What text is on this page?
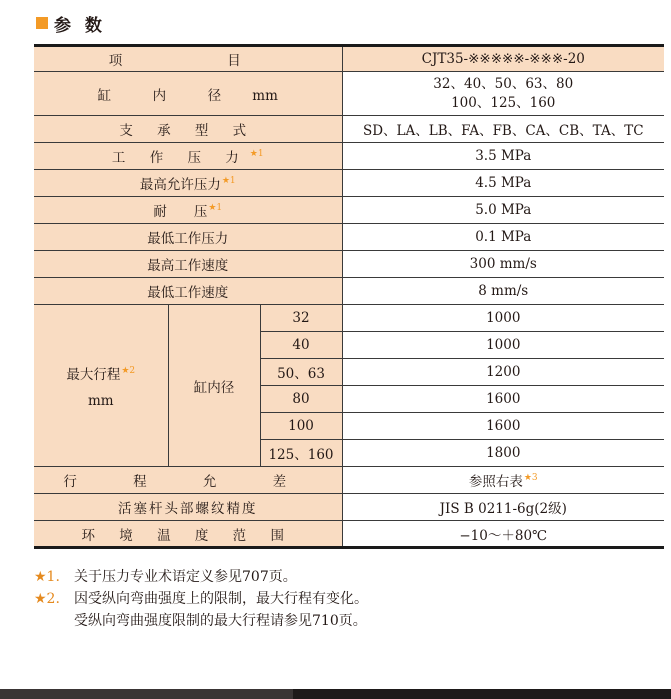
参 数
项　　目			CJT35-※※※※※-※※※-20
缸　内　径 mm			32、40、50、63、80
100、125、160

支 承 型 式			SD、LA、LB、FA、FB、CA、CB、TA、TC
工 作 压 力$^{★1}$			3.5 MPa
最高允许压力$^{★1}$			4.5 MPa
耐　　压$^{★1}$			5.0 MPa
最低工作压力			0.1 MPa
最高工作速度			300 mm/s
最低工作速度			8 mm/s

最大行程$^{★2}$
mm	缸内径	32	1000
		40	1000
		50、63	1200
		80	1600
		100	1600
		125、160	1800
行 程 允 差			参照右表$^{★3}$
活塞杆头部螺纹精度			JIS B 0211-6g(2级)
环 境 温 度 范 围			−10～＋80℃
★1.	关于压力专业术语定义参见707页。
★2.	因受纵向弯曲强度上的限制，最大行程有变化。
受纵向弯曲强度限制的最大行程请参见710页。
